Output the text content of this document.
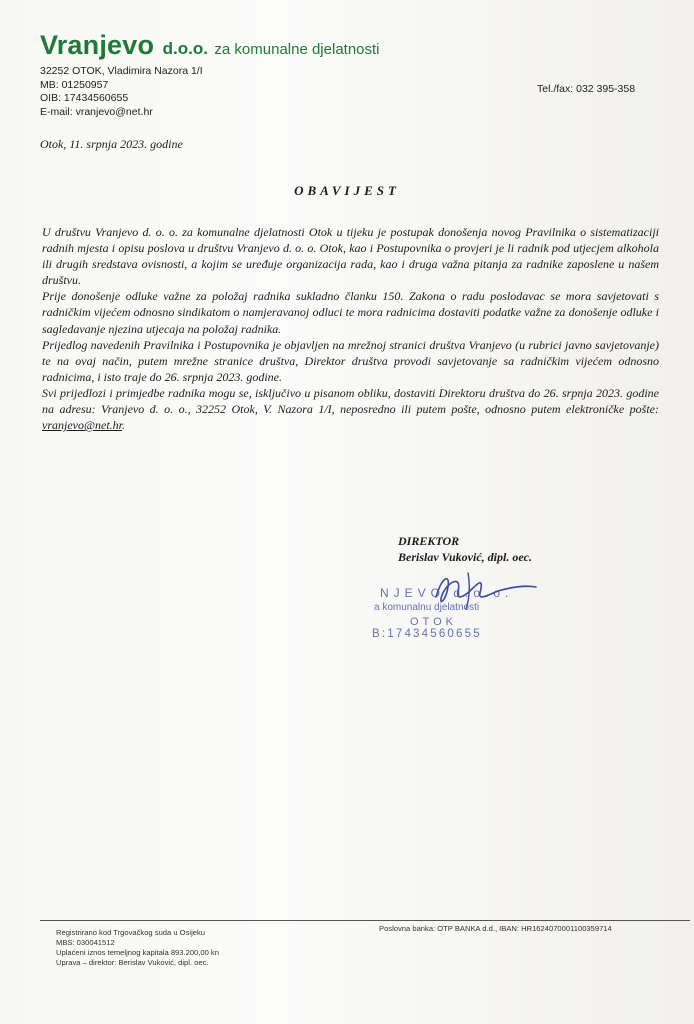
Vranjevo d.o.o. za komunalne djelatnosti
32252 OTOK, Vladimira Nazora 1/I
MB: 01250957
OIB: 17434560655
E-mail: vranjevo@net.hr
Tel./fax: 032 395-358
Otok, 11. srpnja 2023. godine
OBAVIJEST

U društvu Vranjevo d. o. o. za komunalne djelatnosti Otok u tijeku je postupak donošenja novog Pravilnika o sistematizaciji radnih mjesta i opisu poslova u društvu Vranjevo d. o. o. Otok, kao i Postupovnika o provjeri je li radnik pod utjecjem alkohola ili drugih sredstava ovisnosti, a kojim se uređuje organizacija rada, kao i druga važna pitanja za radnike zaposlene u našem društvu.

Prije donošenje odluke važne za položaj radnika sukladno članku 150. Zakona o radu poslodavac se mora savjetovati s radničkim vijećem odnosno sindikatom o namjeravanoj odluci te mora radnicima dostaviti podatke važne za donošenje odluke i sagledavanje njezina utjecaja na položaj radnika.

Prijedlog navedenih Pravilnika i Postupovnika je objavljen na mrežnoj stranici društva Vranjevo (u rubrici javno savjetovanje) te na ovaj način, putem mrežne stranice društva, Direktor društva provodi savjetovanje sa radničkim vijećem odnosno radnicima, i isto traje do 26. srpnja 2023. godine.

Svi prijedlozi i primjedbe radnika mogu se, isključivo u pisanom obliku, dostaviti Direktoru društva do 26. srpnja 2023. godine na adresu: Vranjevo d. o. o., 32252 Otok, V. Nazora 1/I, neposredno ili putem pošte, odnosno putem elektroničke pošte: vranjevo@net.hr.

DIREKTOR
Berislav Vuković, dipl. oec.
NJEVO d.o.o.
a komunalnu djelatnosti
OTOK
B:17434560655
Registrirano kod Trgovačkog suda u Osijeku
MBS: 030041512
Uplaćeni iznos temeljnog kapitala 893.200,00 kn
Uprava – direktor: Berislav Vuković, dipl. oec.
Poslovna banka: OTP BANKA d.d., IBAN: HR1624070001100359714
